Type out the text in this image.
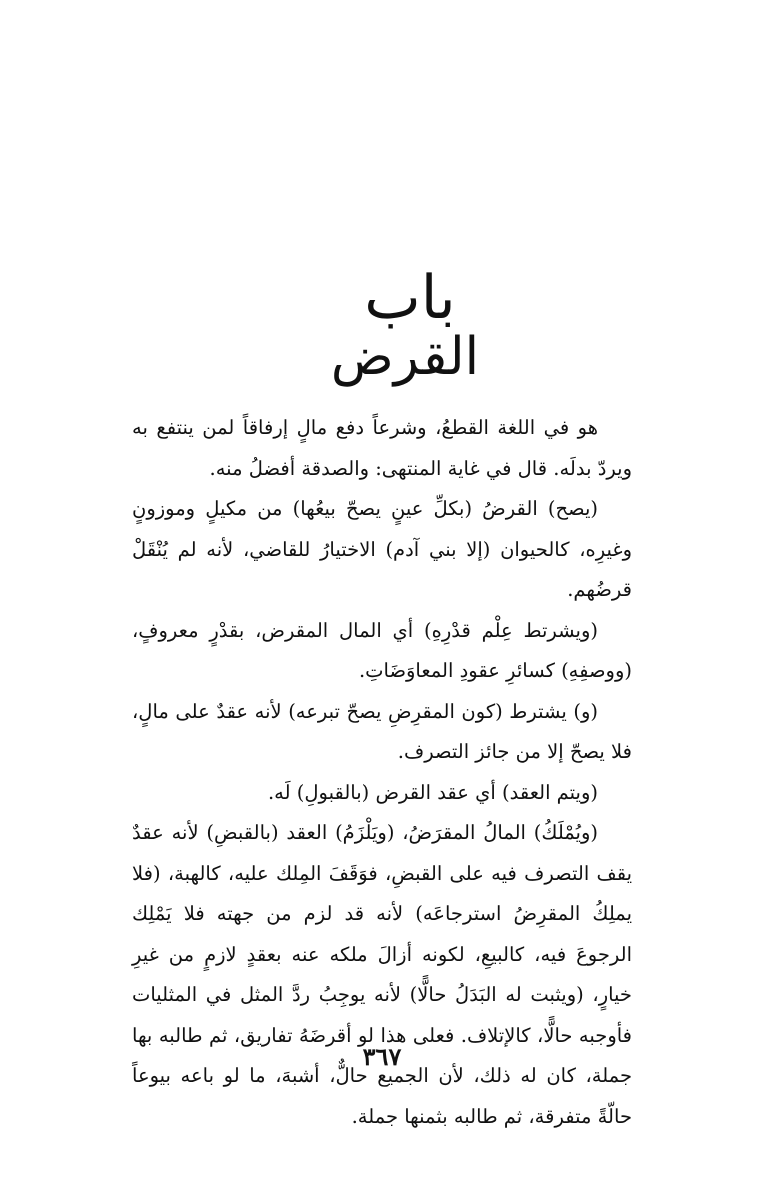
باب
القرض

هو في اللغة القطعُ، وشرعاً دفع مالٍ إرفاقاً لمن ينتفع به ويردّ بدلَه. قال في غاية المنتهى: والصدقة أفضلُ منه.

(يصح) القرضُ (بكلِّ عينٍ يصحّ بيعُها) من مكيلٍ وموزونٍ وغيرِه، كالحيوان (إلا بني آدم) الاختيارُ للقاضي، لأنه لم يُنْقَلْ قرضُهم.

(ويشرتط عِلْم قدْرِهِ) أي المال المقرض، بقدْرٍ معروفٍ، (ووصفِهِ) كسائرِ عقودِ المعاوَضَاتِ.

(و) يشترط (كون المقرِضِ يصحّ تبرعه) لأنه عقدٌ على مالٍ، فلا يصحّ إلا من جائز التصرف.

(ويتم العقد) أي عقد القرض (بالقبولِ) لَه.

(ويُمْلَكُ) المالُ المقرَضُ، (ويَلْزَمُ) العقد (بالقبضِ) لأنه عقدٌ يقف التصرف فيه على القبضِ، فوَقَفَ المِلك عليه، كالهبة، (فلا يملِكُ المقرِضُ استرجاعَه) لأنه قد لزم من جهته فلا يَمْلِك الرجوعَ فيه، كالبيعِ، لكونه أزالَ ملكه عنه بعقدٍ لازمٍ من غيرِ خيارٍ، (ويثبت له البَدَلُ حالًّا) لأنه يوجِبُ ردَّ المثل في المثليات فأوجبه حالًّا، كالإتلاف. فعلى هذا لو أقرضَهُ تفاريق، ثم طالبه بها جملة، كان له ذلك، لأن الجميع حالٌّ، أشبهَ، ما لو باعه بيوعاً حالّةً متفرقة، ثم طالبه بثمنها جملة.

٣٦٧
